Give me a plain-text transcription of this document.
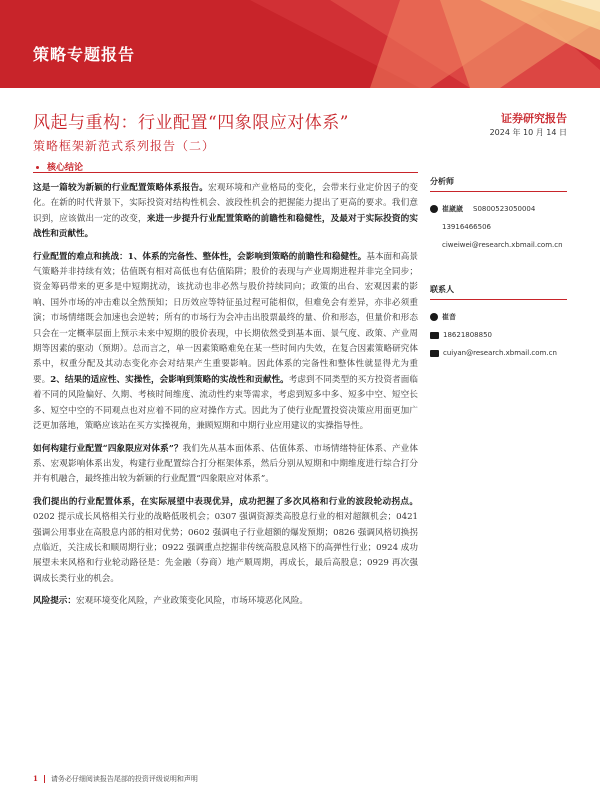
策略专题报告
风起与重构：行业配置“四象限应对体系”
策略框架新范式系列报告（二）
证券研究报告
2024 年 10 月 14 日
核心结论

这是一篇较为新颖的行业配置策略体系报告。宏观环境和产业格局的变化，会带来行业定价因子的变化。在新的时代背景下，实际投资对结构性机会、波段性机会的把握能力提出了更高的要求。我们意识到，应该做出一定的改变，来进一步提升行业配置策略的前瞻性和稳健性，及最对于实际投资的实战性和贡献性。

行业配置的难点和挑战：1、体系的完备性、整体性，会影响到策略的前瞻性和稳健性。基本面和高景气策略并非持续有效；估值既有相对高低也有估值陷阱；股价的表现与产业周期进程并非完全同步；资金筹码带来的更多是中短期扰动，该扰动也非必然与股价持续同向；政策的出台、宏观因素的影响、国外市场的冲击难以全然预知；日历效应等特征虽过程可能相似，但难免会有差异，亦非必须重演；市场情绪既会加速也会逆转；所有的市场行为会冲击出股票最终的量、价和形态，但量价和形态只会在一定概率层面上预示未来中短期的股价表现，中长期依然受到基本面、景气度、政策、产业周期等因素的驱动（预期）。总而言之，单一因素策略难免在某一些时间内失效，在复合因素策略研究体系中，权重分配及其动态变化亦会对结果产生重要影响。因此体系的完备性和整体性就显得尤为重要。2、结果的适应性、实操性，会影响到策略的实战性和贡献性。考虑到不同类型的买方投资者面临着不同的风险偏好、久期、考核时间维度、流动性约束等需求，考虑到短多中多、短多中空、短空长多、短空中空的不同观点也对应着不同的应对操作方式。因此为了使行业配置投资决策应用面更加广泛更加落地，策略应该站在买方实操视角，兼顾短期和中期行业应用建议的实操指导性。

如何构建行业配置“四象限应对体系”？我们先从基本面体系、估值体系、市场情绪特征体系、产业体系、宏观影响体系出发，构建行业配置综合打分框架体系，然后分别从短期和中期维度进行综合打分并有机融合，最终推出较为新颖的行业配置“四象限应对体系”。

我们提出的行业配置体系，在实际展望中表现优异，成功把握了多次风格和行业的波段轮动拐点。0202 提示成长风格相关行业的战略低吸机会；0307 强调资源类高股息行业的相对超额机会；0421 强调公用事业在高股息内部的相对优势；0602 强调电子行业超额的爆发预期；0826 强调风格切换拐点临近，关注成长和顺周期行业；0922 强调重点挖掘非传统高股息风格下的高弹性行业；0924 成功展望未来风格和行业轮动路径是：先金融（券商）地产顺周期，再成长，最后高股息；0929 再次强调成长类行业的机会。

风险提示：宏观环境变化风险，产业政策变化风险，市场环境恶化风险。

分析师
崔崴崴 S0800523050004
13916466506
ciweiwei@research.xbmail.com.cn
联系人
崔音
18621808850
cuiyan@research.xbmail.com.cn
1 请务必仔细阅读报告尾部的投资评级说明和声明
